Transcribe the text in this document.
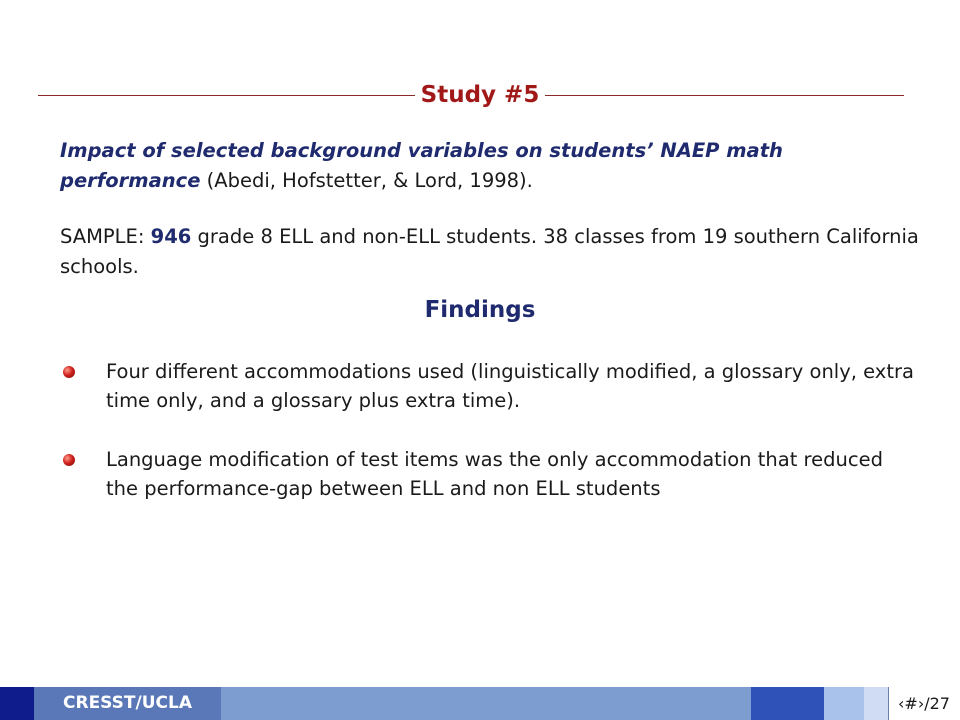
Study #5
Impact of selected background variables on students’ NAEP math performance (Abedi, Hofstetter, & Lord, 1998).
SAMPLE: 946 grade 8 ELL and non-ELL students. 38 classes from 19 southern California schools.
Findings
Four different accommodations used (linguistically modified, a glossary only, extra time only, and a glossary plus extra time).
Language modification of test items was the only accommodation that reduced the performance-gap between ELL and non ELL students
CRESST/UCLA	‹#›/27
